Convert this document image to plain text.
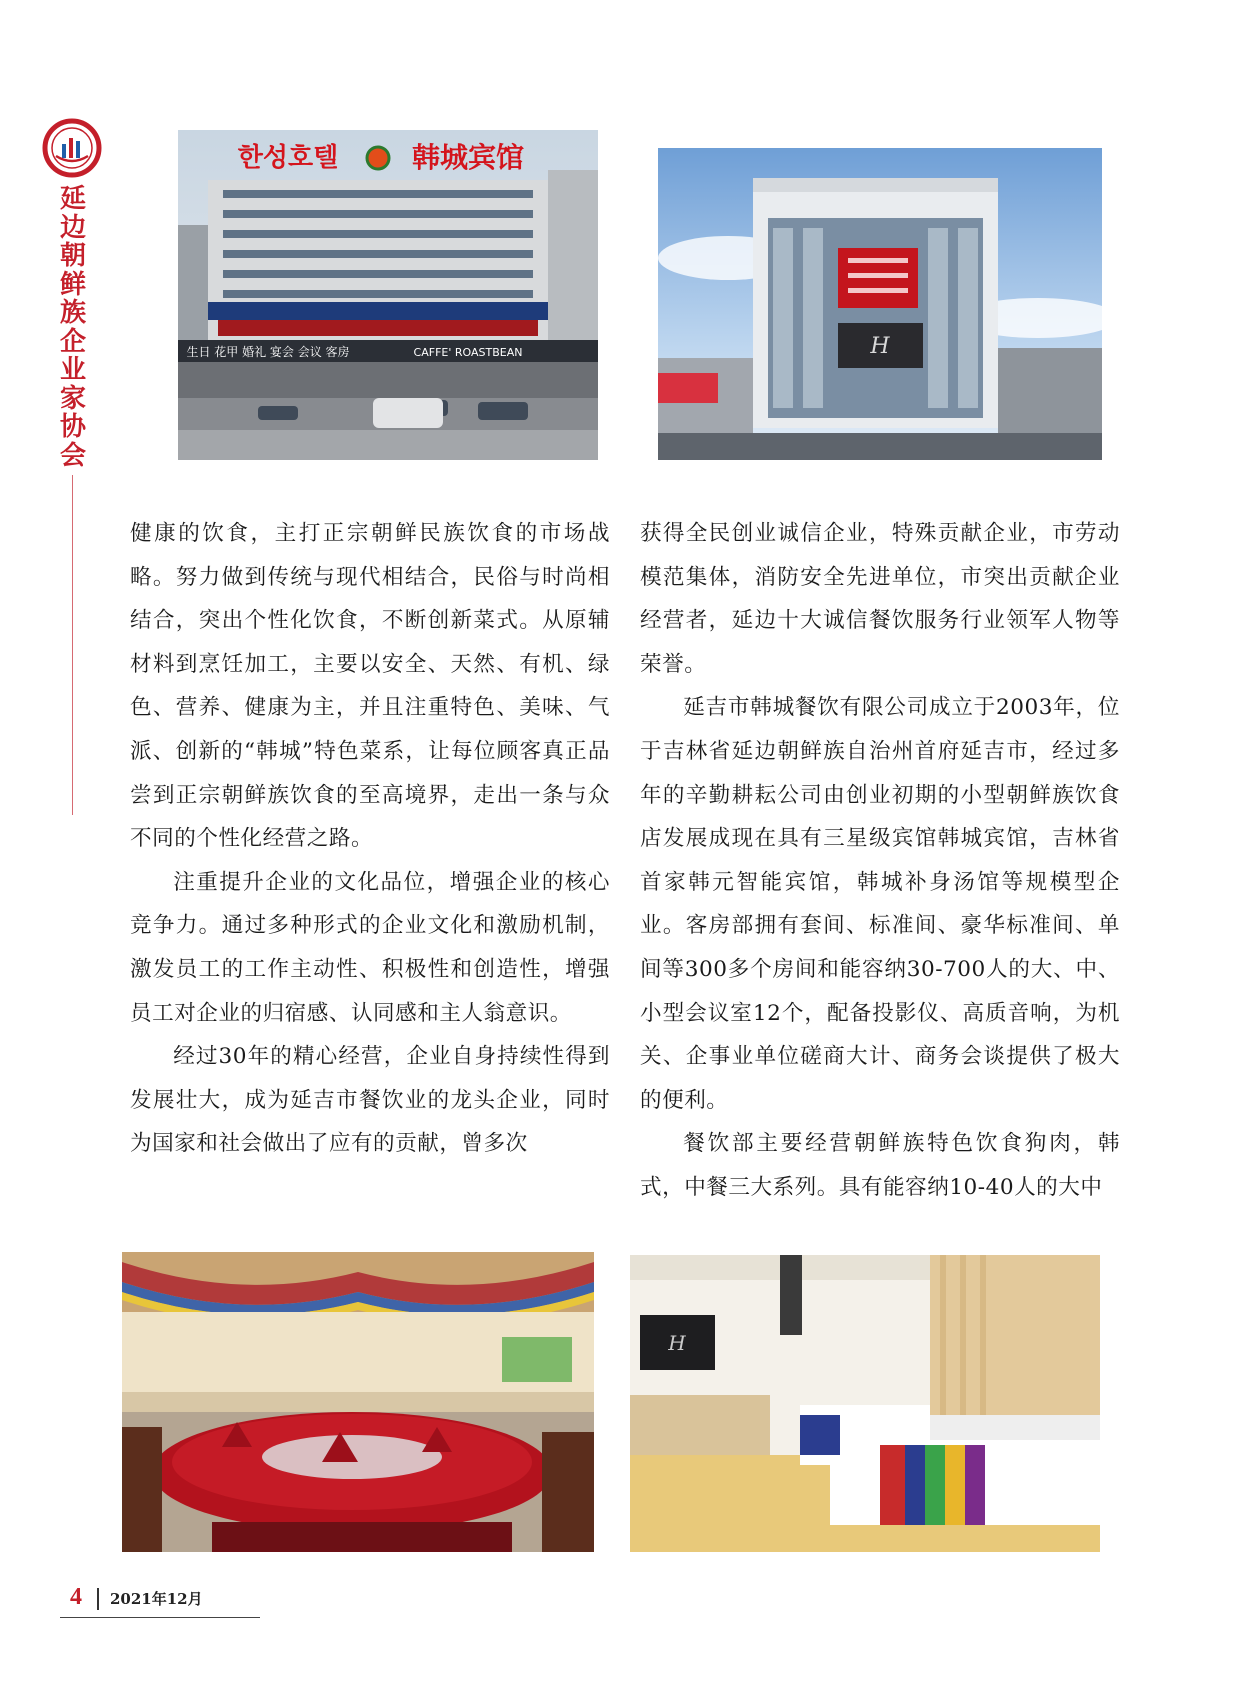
延边朝鲜族企业家协会
한성호텔	韩城宾馆
生日 花甲 婚礼 宴会 会议 客房	CAFFE' ROASTBEAN	H

健康的饮食，主打正宗朝鲜民族饮食的市场战略。努力做到传统与现代相结合，民俗与时尚相结合，突出个性化饮食，不断创新菜式。从原辅材料到烹饪加工，主要以安全、天然、有机、绿色、营养、健康为主，并且注重特色、美味、气派、创新的“韩城”特色菜系，让每位顾客真正品尝到正宗朝鲜族饮食的至高境界，走出一条与众不同的个性化经营之路。

注重提升企业的文化品位，增强企业的核心竞争力。通过多种形式的企业文化和激励机制，激发员工的工作主动性、积极性和创造性，增强员工对企业的归宿感、认同感和主人翁意识。

经过30年的精心经营，企业自身持续性得到发展壮大，成为延吉市餐饮业的龙头企业，同时为国家和社会做出了应有的贡献，曾多次

获得全民创业诚信企业，特殊贡献企业，市劳动模范集体，消防安全先进单位，市突出贡献企业经营者，延边十大诚信餐饮服务行业领军人物等荣誉。

延吉市韩城餐饮有限公司成立于2003年，位于吉林省延边朝鲜族自治州首府延吉市，经过多年的辛勤耕耘公司由创业初期的小型朝鲜族饮食店发展成现在具有三星级宾馆韩城宾馆，吉林省首家韩元智能宾馆，韩城补身汤馆等规模型企业。客房部拥有套间、标准间、豪华标准间、单间等300多个房间和能容纳30-700人的大、中、小型会议室12个，配备投影仪、高质音响，为机关、企事业单位磋商大计、商务会谈提供了极大的便利。

餐饮部主要经营朝鲜族特色饮食狗肉，韩式，中餐三大系列。具有能容纳10-40人的大中

H
4 2021年12月
